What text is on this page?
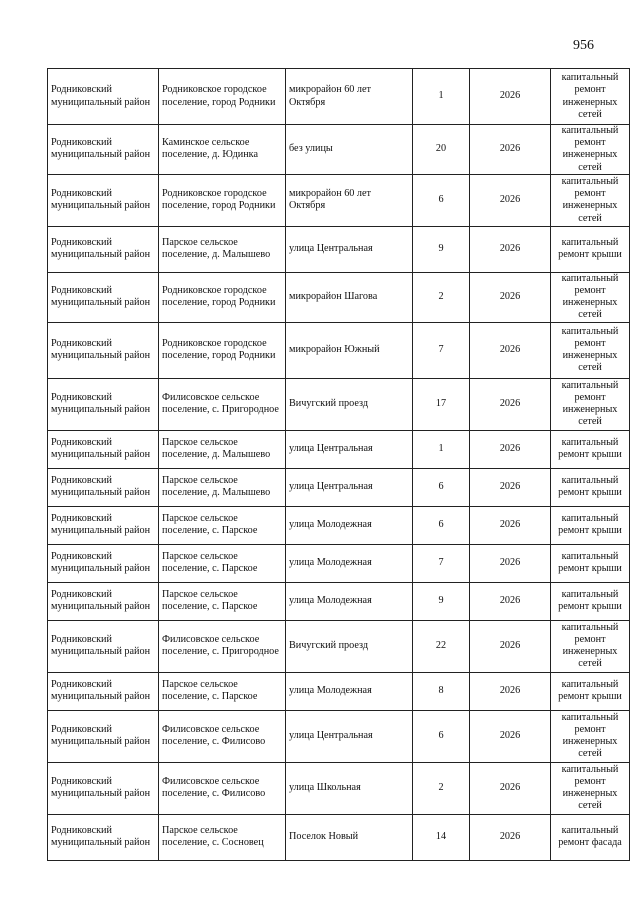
956
Родниковский муниципальный район	Родниковское городское поселение, город Родники	микрорайон 60 лет Октября	1	2026	капитальный ремонт инженерных сетей
Родниковский муниципальный район	Каминское сельское поселение, д. Юдинка	без улицы	20	2026	капитальный ремонт инженерных сетей
Родниковский муниципальный район	Родниковское городское поселение, город Родники	микрорайон 60 лет Октября	6	2026	капитальный ремонт инженерных сетей
Родниковский муниципальный район	Парское сельское поселение, д. Малышево	улица Центральная	9	2026	капитальный ремонт крыши
Родниковский муниципальный район	Родниковское городское поселение, город Родники	микрорайон Шагова	2	2026	капитальный ремонт инженерных сетей
Родниковский муниципальный район	Родниковское городское поселение, город Родники	микрорайон Южный	7	2026	капитальный ремонт инженерных сетей
Родниковский муниципальный район	Филисовское сельское поселение, с. Пригородное	Вичугский проезд	17	2026	капитальный ремонт инженерных сетей
Родниковский муниципальный район	Парское сельское поселение, д. Малышево	улица Центральная	1	2026	капитальный ремонт крыши
Родниковский муниципальный район	Парское сельское поселение, д. Малышево	улица Центральная	6	2026	капитальный ремонт крыши
Родниковский муниципальный район	Парское сельское поселение, с. Парское	улица Молодежная	6	2026	капитальный ремонт крыши
Родниковский муниципальный район	Парское сельское поселение, с. Парское	улица Молодежная	7	2026	капитальный ремонт крыши
Родниковский муниципальный район	Парское сельское поселение, с. Парское	улица Молодежная	9	2026	капитальный ремонт крыши
Родниковский муниципальный район	Филисовское сельское поселение, с. Пригородное	Вичугский проезд	22	2026	капитальный ремонт инженерных сетей
Родниковский муниципальный район	Парское сельское поселение, с. Парское	улица Молодежная	8	2026	капитальный ремонт крыши
Родниковский муниципальный район	Филисовское сельское поселение, с. Филисово	улица Центральная	6	2026	капитальный ремонт инженерных сетей
Родниковский муниципальный район	Филисовское сельское поселение, с. Филисово	улица Школьная	2	2026	капитальный ремонт инженерных сетей
Родниковский муниципальный район	Парское сельское поселение, с. Сосновец	Поселок Новый	14	2026	капитальный ремонт фасада
